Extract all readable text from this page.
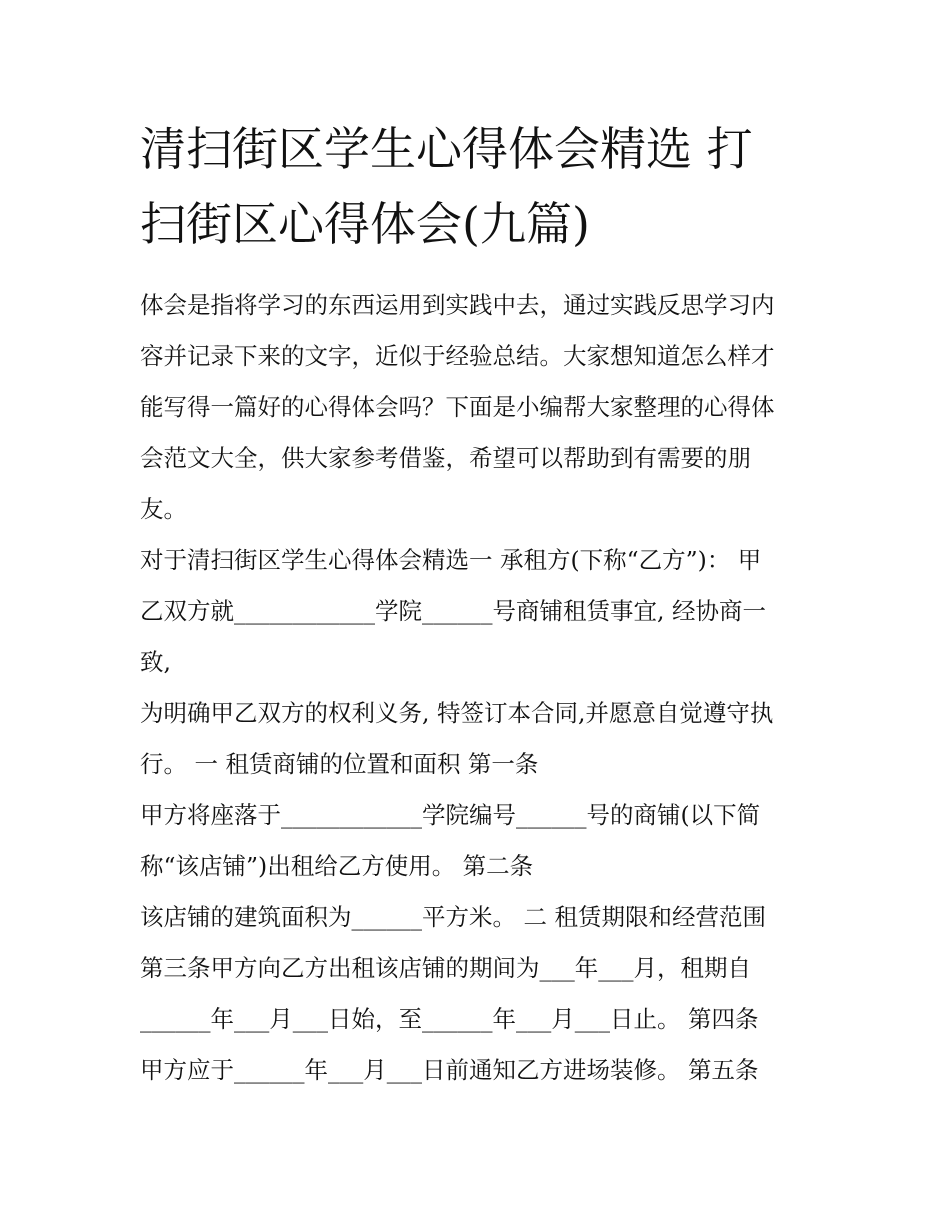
清扫街区学生心得体会精选 打
扫街区心得体会(九篇)
体会是指将学习的东西运用到实践中去，通过实践反思学习内
容并记录下来的文字，近似于经验总结。大家想知道怎么样才
能写得一篇好的心得体会吗？下面是小编帮大家整理的心得体
会范文大全，供大家参考借鉴，希望可以帮助到有需要的朋
友。
对于清扫街区学生心得体会精选一 承租方(下称“乙方”)： 甲
乙双方就____________学院______号商铺租赁事宜, 经协商一
致,
为明确甲乙双方的权利义务, 特签订本合同,并愿意自觉遵守执
行。 一 租赁商铺的位置和面积 第一条
甲方将座落于____________学院编号______号的商铺(以下简
称“该店铺”)出租给乙方使用。 第二条
该店铺的建筑面积为______平方米。 二 租赁期限和经营范围
第三条甲方向乙方出租该店铺的期间为___年___月，租期自
______年___月___日始，至______年___月___日止。 第四条
甲方应于______年___月___日前通知乙方进场装修。 第五条
